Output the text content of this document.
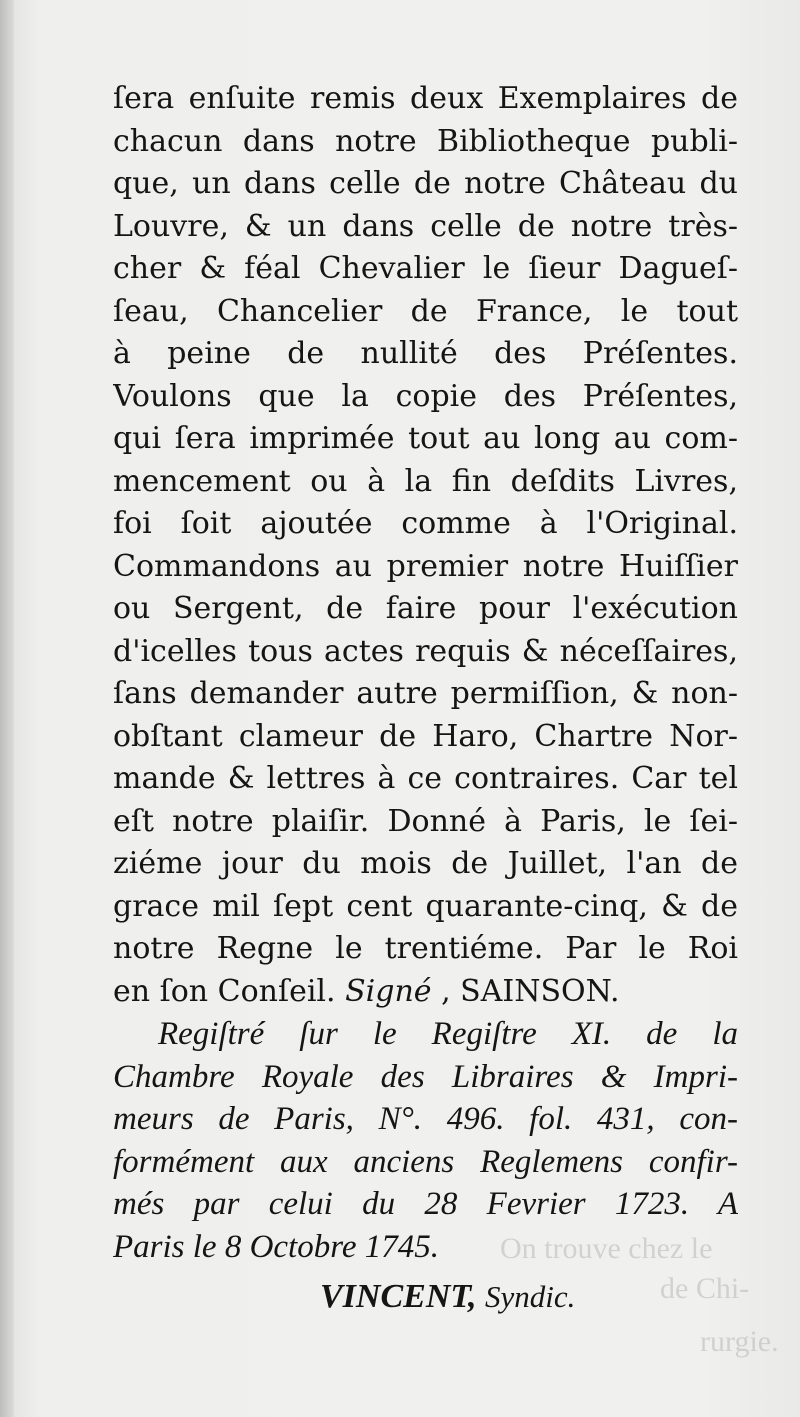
On trouve chez le
de Chi-
rurgie.
ſera enſuite remis deux Exemplaires de
chacun dans notre Bibliotheque publi-
que, un dans celle de notre Château du
Louvre, & un dans celle de notre très-
cher & féal Chevalier le ſieur Dagueſ-
ſeau, Chancelier de France, le tout
à peine de nullité des Préſentes.
Voulons que la copie des Préſentes,
qui ſera imprimée tout au long au com-
mencement ou à la fin deſdits Livres,
foi ſoit ajoutée comme à l'Original.
Commandons au premier notre Huiſſier
ou Sergent, de faire pour l'exécution
d'icelles tous actes requis & néceſſaires,
ſans demander autre permiſſion, & non-
obſtant clameur de Haro, Chartre Nor-
mande & lettres à ce contraires. Car tel
eſt notre plaiſir. Donné à Paris, le ſei-
ziéme jour du mois de Juillet, l'an de
grace mil ſept cent quarante-cinq, & de
notre Regne le trentiéme. Par le Roi
en ſon Conſeil. Signé , SAINSON.
Regiſtré ſur le Regiſtre XI. de la
Chambre Royale des Libraires & Impri-
meurs de Paris, N°. 496. fol. 431, con-
formément aux anciens Reglemens confir-
més par celui du 28 Fevrier 1723. A
Paris le 8 Octobre 1745.
VINCENT, Syndic.
